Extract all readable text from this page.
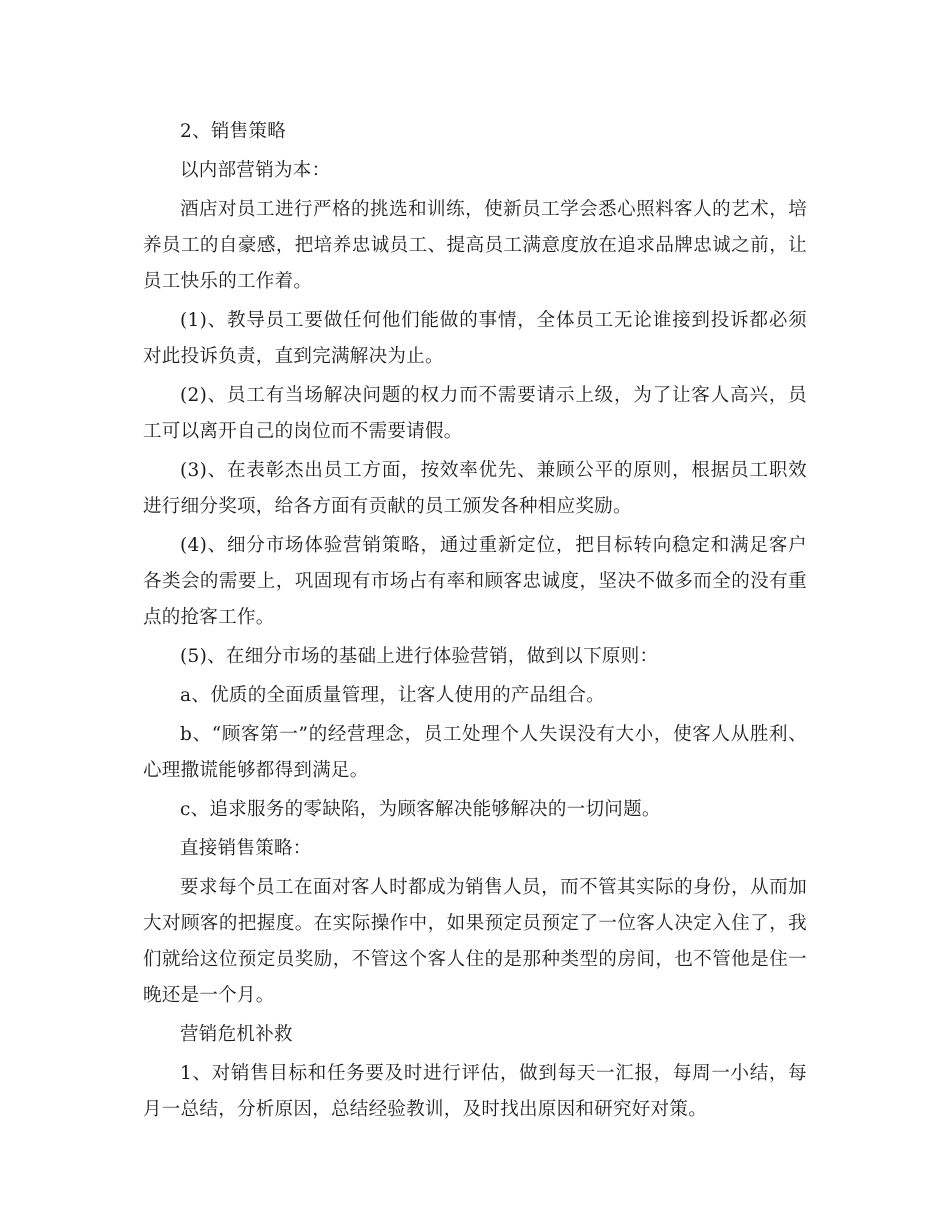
2、销售策略

以内部营销为本：

酒店对员工进行严格的挑选和训练，使新员工学会悉心照料客人的艺术，培养员工的自豪感，把培养忠诚员工、提高员工满意度放在追求品牌忠诚之前，让员工快乐的工作着。

(1)、教导员工要做任何他们能做的事情，全体员工无论谁接到投诉都必须对此投诉负责，直到完满解决为止。

(2)、员工有当场解决问题的权力而不需要请示上级，为了让客人高兴，员工可以离开自己的岗位而不需要请假。

(3)、在表彰杰出员工方面，按效率优先、兼顾公平的原则，根据员工职效进行细分奖项，给各方面有贡献的员工颁发各种相应奖励。

(4)、细分市场体验营销策略，通过重新定位，把目标转向稳定和满足客户各类会的需要上，巩固现有市场占有率和顾客忠诚度，坚决不做多而全的没有重点的抢客工作。

(5)、在细分市场的基础上进行体验营销，做到以下原则：

a、优质的全面质量管理，让客人使用的产品组合。

b、“顾客第一”的经营理念，员工处理个人失误没有大小，使客人从胜利、心理撒谎能够都得到满足。

c、追求服务的零缺陷，为顾客解决能够解决的一切问题。

直接销售策略：

要求每个员工在面对客人时都成为销售人员，而不管其实际的身份，从而加大对顾客的把握度。在实际操作中，如果预定员预定了一位客人决定入住了，我们就给这位预定员奖励，不管这个客人住的是那种类型的房间，也不管他是住一晚还是一个月。

营销危机补救

1、对销售目标和任务要及时进行评估，做到每天一汇报，每周一小结，每月一总结，分析原因，总结经验教训，及时找出原因和研究好对策。
